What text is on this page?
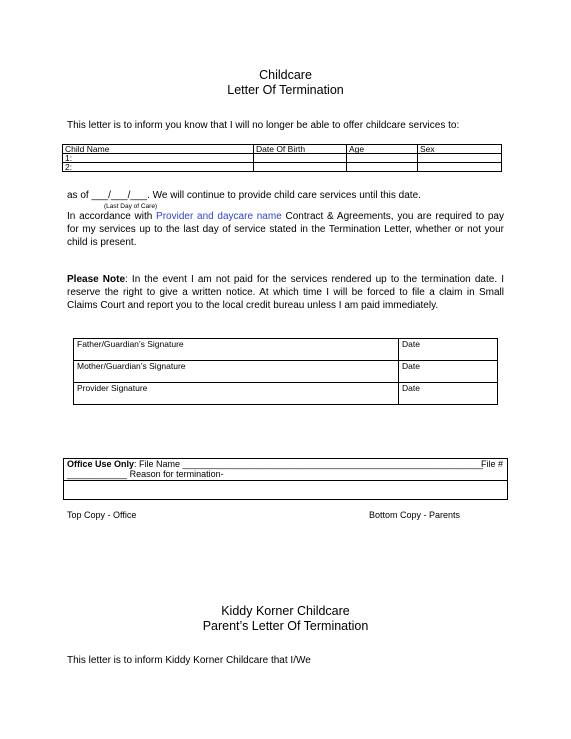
Childcare
Letter Of Termination
This letter is to inform you know that I will no longer be able to offer childcare services to:
Child Name	Date Of Birth	Age	Sex
1:			
2:			
as of ___/___/___. We will continue to provide child care services until this date.
(Last Day of Care)
In accordance with Provider and daycare name Contract & Agreements, you are required to pay for my services up to the last day of service stated in the Termination Letter, whether or not your child is present.
Please Note: In the event I am not paid for the services rendered up to the termination date. I reserve the right to give a written notice. At which time I will be forced to file a claim in Small Claims Court and report you to the local credit bureau unless I am paid immediately.
Father/Guardian’s Signature	Date
Mother/Guardian’s Signature	Date
Provider Signature	Date
Office Use Only: File Name ____________________________________________________________
File #
____________ Reason for termination-
Top Copy - Office	Bottom Copy - Parents
Kiddy Korner Childcare
Parent’s Letter Of Termination
This letter is to inform Kiddy Korner Childcare that I/We
